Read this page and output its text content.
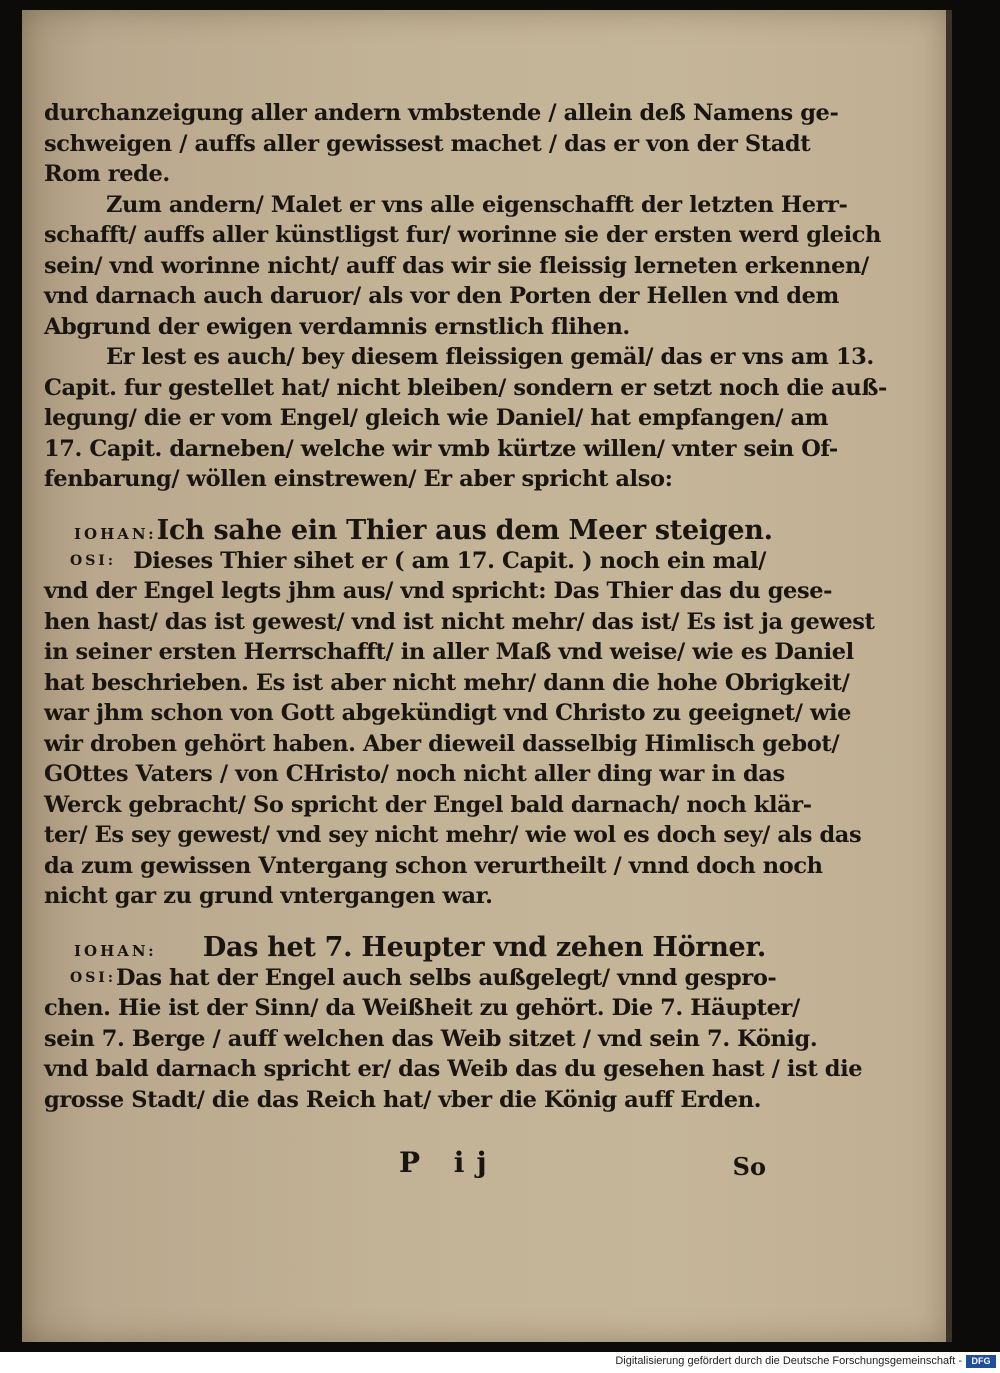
durchanzeigung aller andern vmbstende / allein deß Namens ge-
schweigen / auffs aller gewissest machet / das er von der Stadt
Rom rede.
Zum andern/ Malet er vns alle eigenschafft der letzten Herr-
schafft/ auffs aller künstligst fur/ worinne sie der ersten werd gleich
sein/ vnd worinne nicht/ auff das wir sie fleissig lerneten erkennen/
vnd darnach auch daruor/ als vor den Porten der Hellen vnd dem
Abgrund der ewigen verdamnis ernstlich flihen.
Er lest es auch/ bey diesem fleissigen gemäl/ das er vns am 13.
Capit. fur gestellet hat/ nicht bleiben/ sondern er setzt noch die auß-
legung/ die er vom Engel/ gleich wie Daniel/ hat empfangen/ am
17. Capit. darneben/ welche wir vmb kürtze willen/ vnter sein Of-
fenbarung/ wöllen einstrewen/ Er aber spricht also:
IOHAN: Ich sahe ein Thier aus dem Meer steigen.
OSI: Dieses Thier sihet er ( am 17. Capit. ) noch ein mal/
vnd der Engel legts jhm aus/ vnd spricht: Das Thier das du gese-
hen hast/ das ist gewest/ vnd ist nicht mehr/ das ist/ Es ist ja gewest
in seiner ersten Herrschafft/ in aller Maß vnd weise/ wie es Daniel
hat beschrieben. Es ist aber nicht mehr/ dann die hohe Obrigkeit/
war jhm schon von Gott abgekündigt vnd Christo zu geeignet/ wie
wir droben gehört haben. Aber dieweil dasselbig Himlisch gebot/
GOttes Vaters / von CHristo/ noch nicht aller ding war in das
Werck gebracht/ So spricht der Engel bald darnach/ noch klär-
ter/ Es sey gewest/ vnd sey nicht mehr/ wie wol es doch sey/ als das
da zum gewissen Vntergang schon verurtheilt / vnnd doch noch
nicht gar zu grund vntergangen war.
IOHAN:	Das het 7. Heupter vnd zehen Hörner.
OSI: Das hat der Engel auch selbs außgelegt/ vnnd gespro-
chen. Hie ist der Sinn/ da Weißheit zu gehört. Die 7. Häupter/
sein 7. Berge / auff welchen das Weib sitzet / vnd sein 7. König.
vnd bald darnach spricht er/ das Weib das du gesehen hast / ist die
grosse Stadt/ die das Reich hat/ vber die König auff Erden.
P ij	So
Digitalisierung gefördert durch die Deutsche Forschungsgemeinschaft -	DFG
